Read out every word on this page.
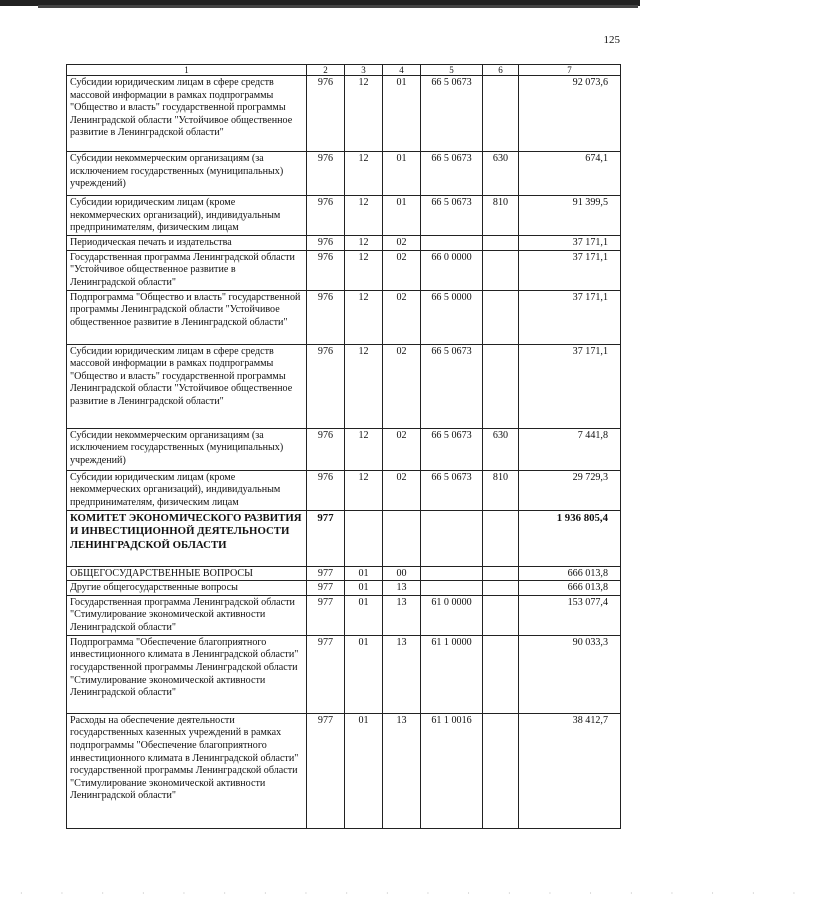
125
1	2	3	4	5	6	7
Субсидии юридическим лицам в сфере средств массовой информации в рамках подпрограммы "Общество и власть" государственной программы Ленинградской области "Устойчивое общественное развитие в Ленинградской области"	976	12	01	66 5 0673		92 073,6
Субсидии некоммерческим организациям (за исключением государственных (муниципальных) учреждений)	976	12	01	66 5 0673	630	674,1
Субсидии юридическим лицам (кроме некоммерческих организаций), индивидуальным предпринимателям, физическим лицам	976	12	01	66 5 0673	810	91 399,5
Периодическая печать и издательства	976	12	02			37 171,1
Государственная программа Ленинградской области "Устойчивое общественное развитие в Ленинградской области"	976	12	02	66 0 0000		37 171,1
Подпрограмма "Общество и власть" государственной программы Ленинградской области "Устойчивое общественное развитие в Ленинградской области"	976	12	02	66 5 0000		37 171,1
Субсидии юридическим лицам в сфере средств массовой информации в рамках подпрограммы "Общество и власть" государственной программы Ленинградской области "Устойчивое общественное развитие в Ленинградской области"	976	12	02	66 5 0673		37 171,1
Субсидии некоммерческим организациям (за исключением государственных (муниципальных) учреждений)	976	12	02	66 5 0673	630	7 441,8
Субсидии юридическим лицам (кроме некоммерческих организаций), индивидуальным предпринимателям, физическим лицам	976	12	02	66 5 0673	810	29 729,3
КОМИТЕТ ЭКОНОМИЧЕСКОГО РАЗВИТИЯ И ИНВЕСТИЦИОННОЙ ДЕЯТЕЛЬНОСТИ ЛЕНИНГРАДСКОЙ ОБЛАСТИ	977					1 936 805,4
ОБЩЕГОСУДАРСТВЕННЫЕ ВОПРОСЫ	977	01	00			666 013,8
Другие общегосударственные вопросы	977	01	13			666 013,8
Государственная программа Ленинградской области "Стимулирование экономической активности Ленинградской области"	977	01	13	61 0 0000		153 077,4
Подпрограмма "Обеспечение благоприятного инвестиционного климата в Ленинградской области" государственной программы Ленинградской области "Стимулирование экономической активности Ленинградской области"	977	01	13	61 1 0000		90 033,3
Расходы на обеспечение деятельности государственных казенных учреждений в рамках подпрограммы "Обеспечение благоприятного инвестиционного климата в Ленинградской области" государственной программы Ленинградской области "Стимулирование экономической активности Ленинградской области"	977	01	13	61 1 0016		38 412,7
· · · · · · · · · · · · · · · · · · · ·
